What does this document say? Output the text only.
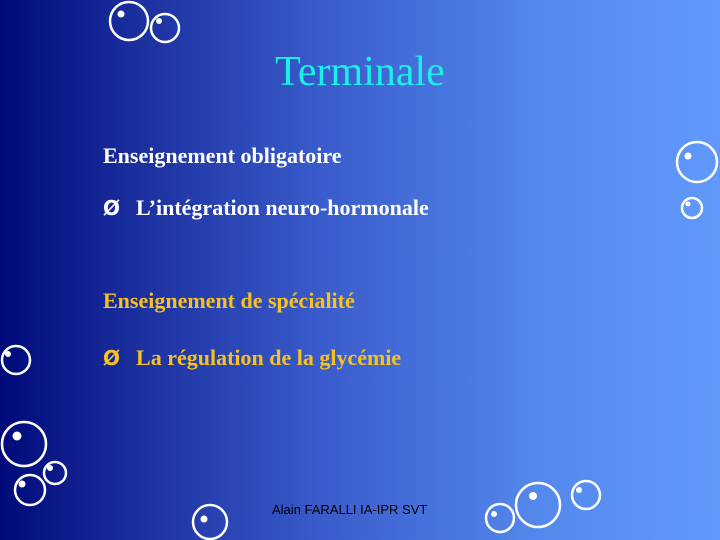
Terminale
Enseignement obligatoire
Ø L’intégration neuro-hormonale
Enseignement de spécialité
Ø La régulation de la glycémie
Alain FARALLI IA-IPR SVT
